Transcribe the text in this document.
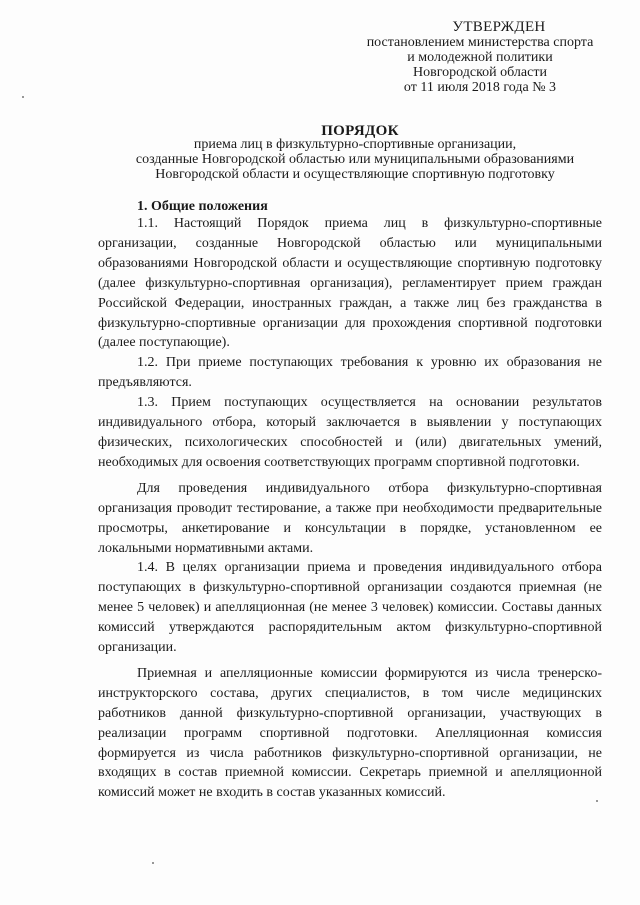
УТВЕРЖДЕН
постановлением министерства спорта
и молодежной политики
Новгородской области
от 11 июля 2018 года № 3
ПОРЯДОК
приема лиц в физкультурно-спортивные организации,
созданные Новгородской областью или муниципальными образованиями
Новгородской области и осуществляющие спортивную подготовку
1. Общие положения

1.1. Настоящий Порядок приема лиц в физкультурно-спортивные организации, созданные Новгородской областью или муниципальными образованиями Новгородской области и осуществляющие спортивную подготовку (далее физкультурно-спортивная организация), регламентирует прием граждан Российской Федерации, иностранных граждан, а также лиц без гражданства в физкультурно-спортивные организации для прохождения спортивной подготовки (далее поступающие).

1.2. При приеме поступающих требования к уровню их образования не предъявляются.

1.3. Прием поступающих осуществляется на основании результатов индивидуального отбора, который заключается в выявлении у поступающих физических, психологических способностей и (или) двигательных умений, необходимых для освоения соответствующих программ спортивной подготовки.

Для проведения индивидуального отбора физкультурно-спортивная организация проводит тестирование, а также при необходимости предварительные просмотры, анкетирование и консультации в порядке, установленном ее локальными нормативными актами.

1.4. В целях организации приема и проведения индивидуального отбора поступающих в физкультурно-спортивной организации создаются приемная (не менее 5 человек) и апелляционная (не менее 3 человек) комиссии. Составы данных комиссий утверждаются распорядительным актом физкультурно-спортивной организации.

Приемная и апелляционные комиссии формируются из числа тренерско-инструкторского состава, других специалистов, в том числе медицинских работников данной физкультурно-спортивной организации, участвующих в реализации программ спортивной подготовки. Апелляционная комиссия формируется из числа работников физкультурно-спортивной организации, не входящих в состав приемной комиссии. Секретарь приемной и апелляционной комиссий может не входить в состав указанных комиссий.
